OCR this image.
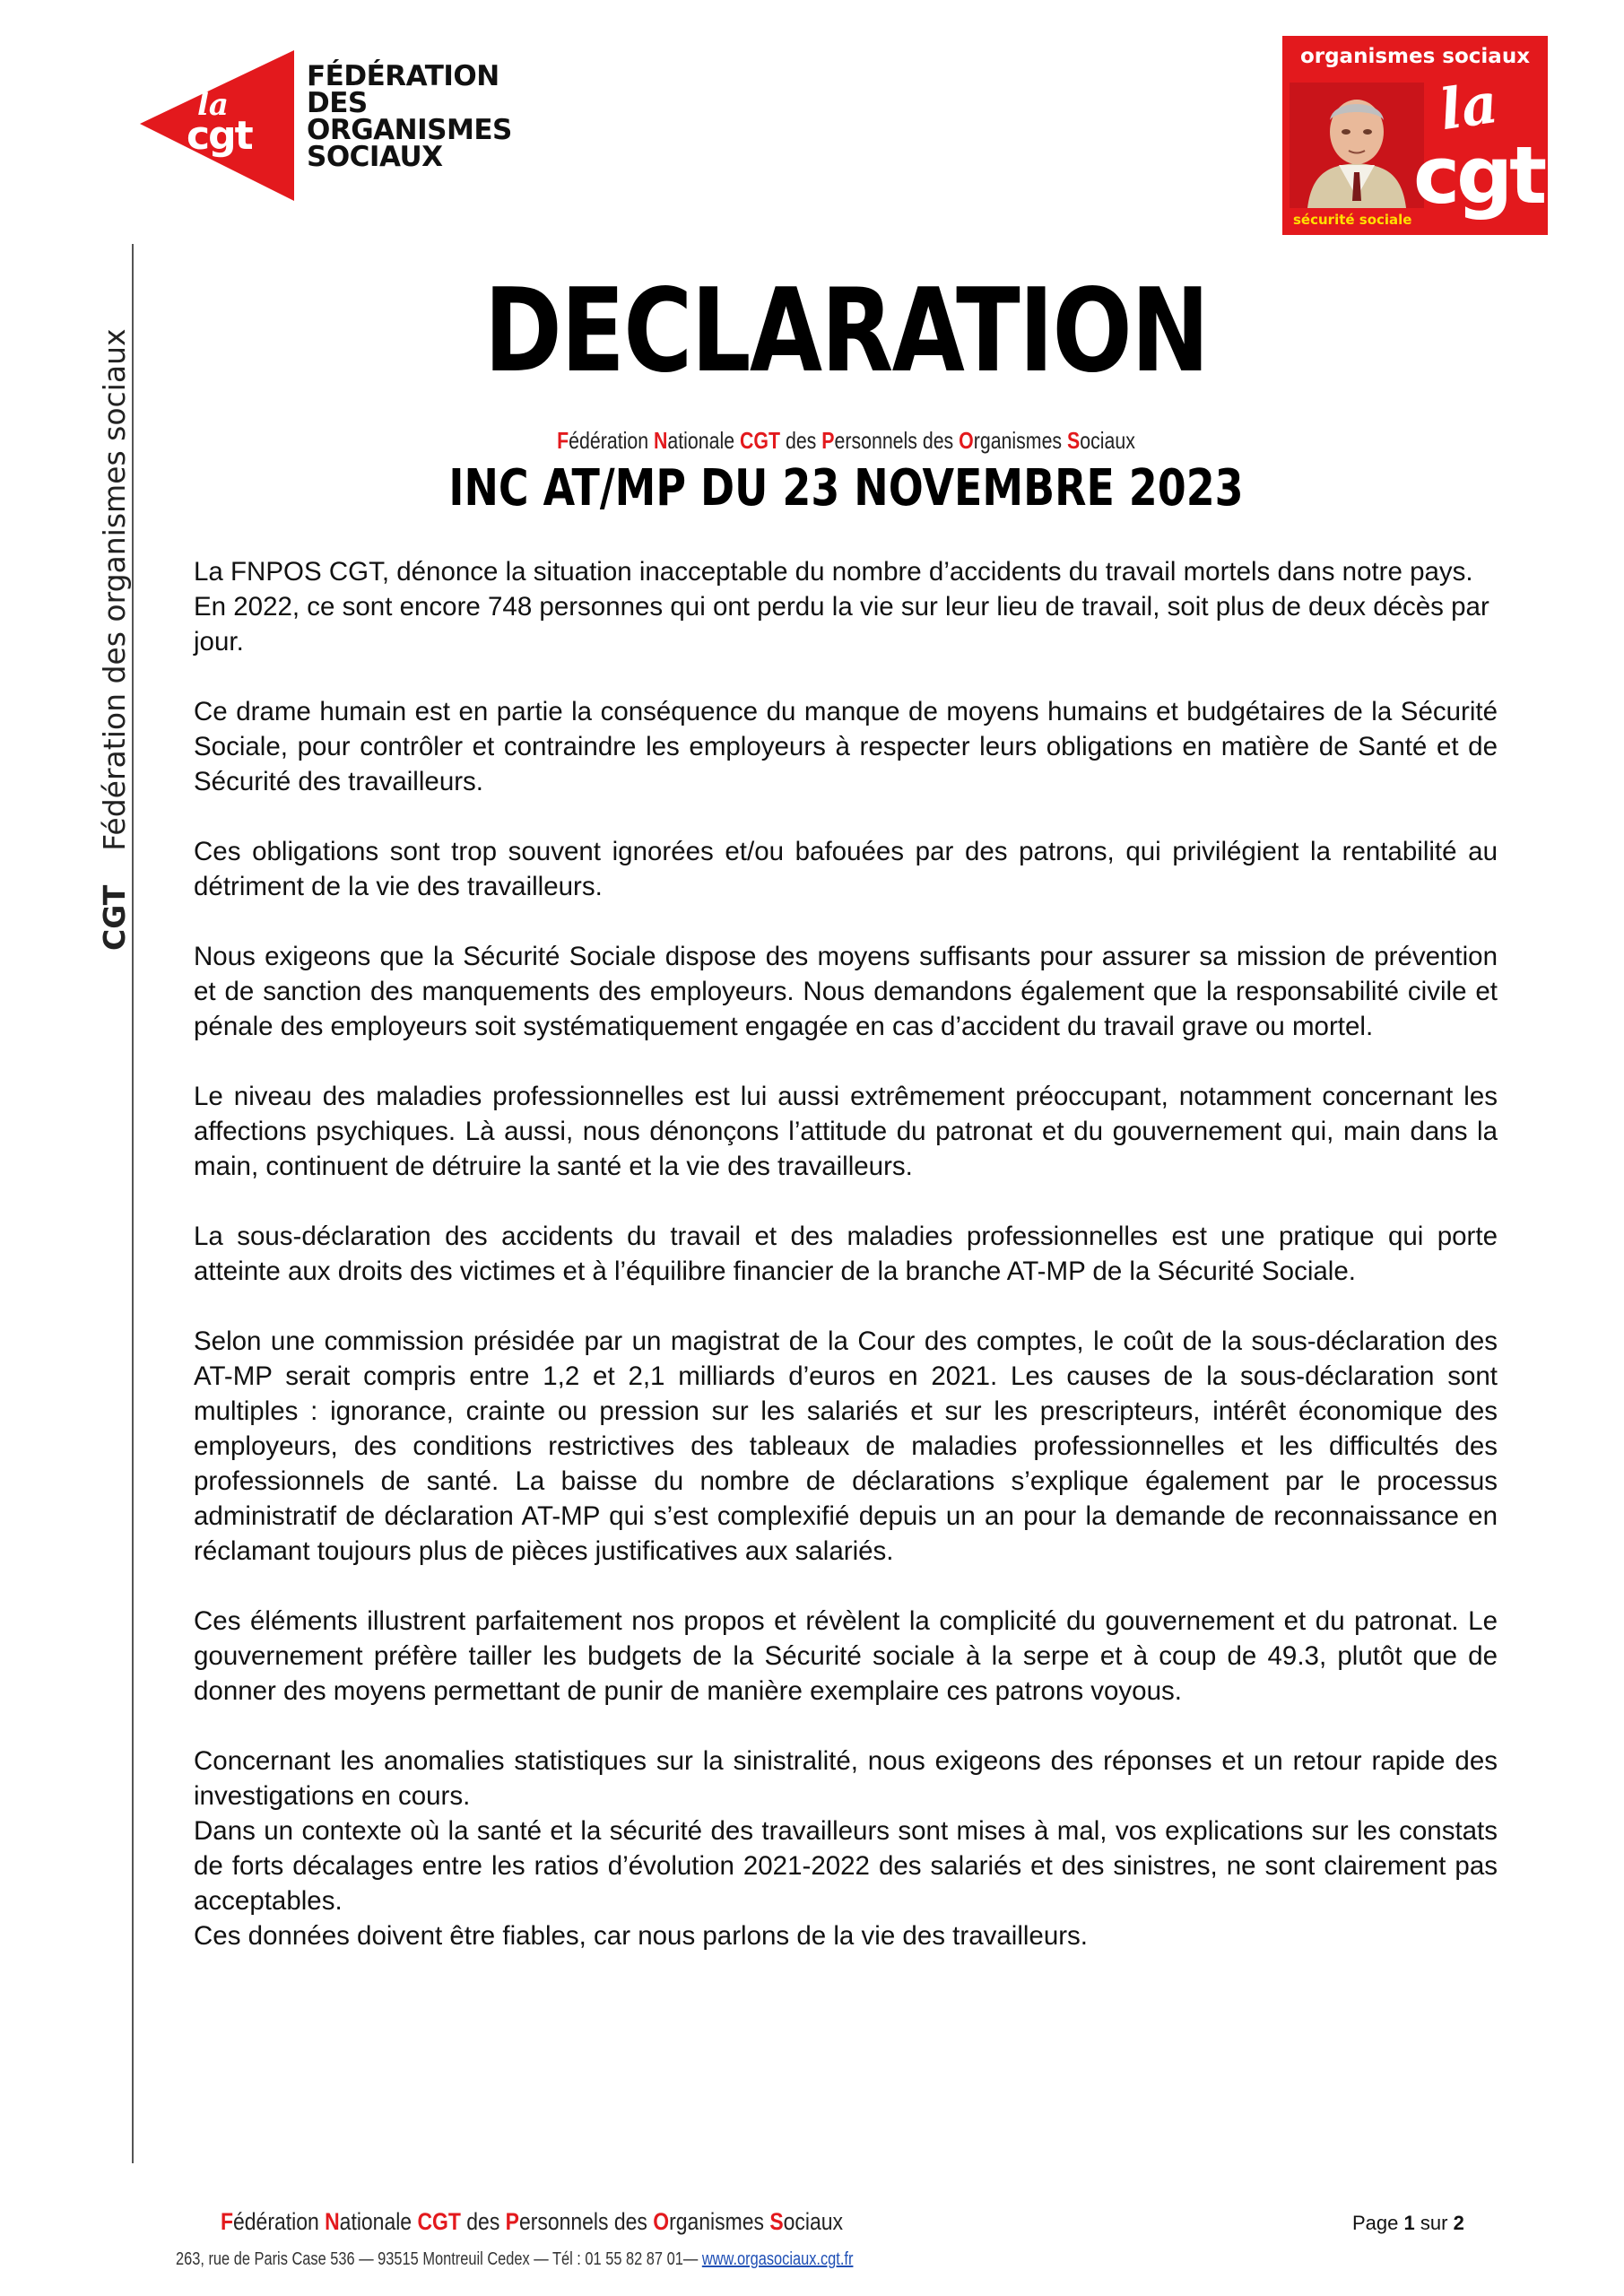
la
cgt
FÉDÉRATION
DES
ORGANISMES
SOCIAUX
organismes sociaux
la
cgt
sécurité sociale
CGTFédération des organismes sociaux	DECLARATION
Fédération Nationale CGT des Personnels des Organismes Sociaux
INC AT/MP DU 23 NOVEMBRE 2023

La FNPOS CGT, dénonce la situation inacceptable du nombre d’accidents du travail mortels dans notre pays. En 2022, ce sont encore 748 personnes qui ont perdu la vie sur leur lieu de travail, soit plus de deux décès par jour.

Ce drame humain est en partie la conséquence du manque de moyens humains et budgétaires de la Sécurité Sociale, pour contrôler et contraindre les employeurs à respecter leurs obligations en matière de Santé et de Sécurité des travailleurs.

Ces obligations sont trop souvent ignorées et/ou bafouées par des patrons, qui privilégient la rentabilité au détriment de la vie des travailleurs.

Nous exigeons que la Sécurité Sociale dispose des moyens suffisants pour assurer sa mission de prévention et de sanction des manquements des employeurs. Nous demandons également que la responsabilité civile et pénale des employeurs soit systématiquement engagée en cas d’accident du travail grave ou mortel.

Le niveau des maladies professionnelles est lui aussi extrêmement préoccupant, notamment concernant les affections psychiques. Là aussi, nous dénonçons l’attitude du patronat et du gouvernement qui, main dans la main, continuent de détruire la santé et la vie des travailleurs.

La sous-déclaration des accidents du travail et des maladies professionnelles est une pratique qui porte atteinte aux droits des victimes et à l’équilibre financier de la branche AT-MP de la Sécurité Sociale.

Selon une commission présidée par un magistrat de la Cour des comptes, le coût de la sous-déclaration des AT-MP serait compris entre 1,2 et 2,1 milliards d’euros en 2021. Les causes de la sous-déclaration sont multiples : ignorance, crainte ou pression sur les salariés et sur les prescripteurs, intérêt économique des employeurs, des conditions restrictives des tableaux de maladies professionnelles et les difficultés des professionnels de santé. La baisse du nombre de déclarations s’explique également par le processus administratif de déclaration AT-MP qui s’est complexifié depuis un an pour la demande de reconnaissance en réclamant toujours plus de pièces justificatives aux salariés.

Ces éléments illustrent parfaitement nos propos et révèlent la complicité du gouvernement et du patronat. Le gouvernement préfère tailler les budgets de la Sécurité sociale à la serpe et à coup de 49.3, plutôt que de donner des moyens permettant de punir de manière exemplaire ces patrons voyous.

Concernant les anomalies statistiques sur la sinistralité, nous exigeons des réponses et un retour rapide des investigations en cours.

Dans un contexte où la santé et la sécurité des travailleurs sont mises à mal, vos explications sur les constats de forts décalages entre les ratios d’évolution 2021-2022 des salariés et des sinistres, ne sont clairement pas acceptables.

Ces données doivent être fiables, car nous parlons de la vie des travailleurs.

Fédération Nationale CGT des Personnels des Organismes Sociaux
263, rue de Paris Case 536 — 93515 Montreuil Cedex — Tél : 01 55 82 87 01— www.orgasociaux.cgt.fr
Page 1 sur 2
